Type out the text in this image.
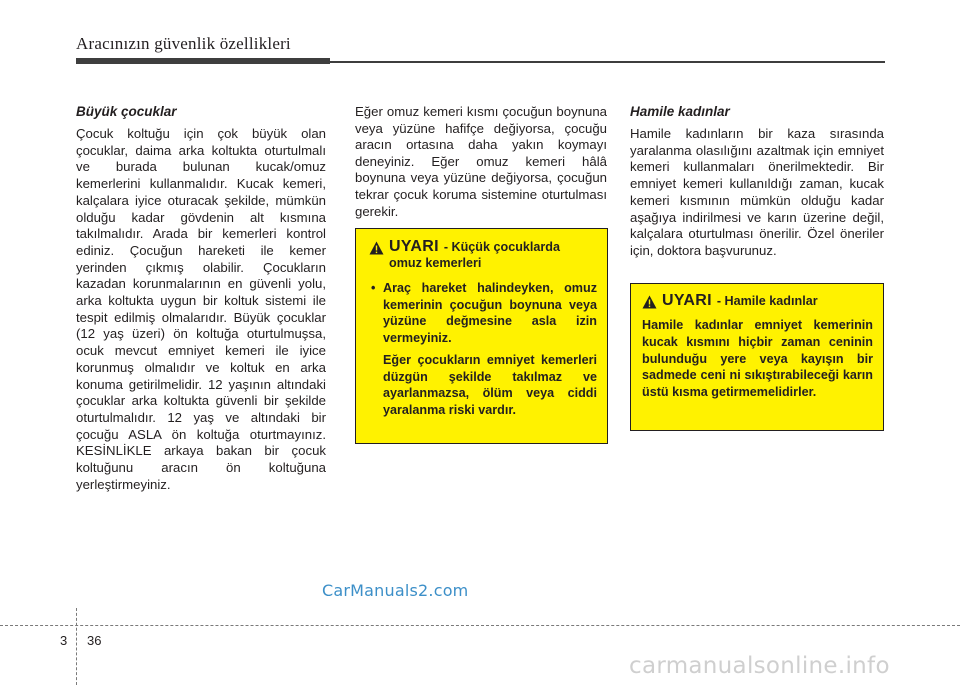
Aracınızın güvenlik özellikleri
Büyük çocuklar

Çocuk koltuğu için çok büyük olan çocuklar, daima arka koltukta oturtulmalı ve burada bulunan kucak/omuz kemerlerini kullanmalıdır. Kucak kemeri, kalçalara iyice oturacak şekilde, mümkün olduğu kadar gövdenin alt kısmına takılmalıdır. Arada bir kemerleri kontrol ediniz. Çocuğun hareketi ile kemer yerinden çıkmış olabilir. Çocukların kazadan korunmalarının en güvenli yolu, arka koltukta uygun bir koltuk sistemi ile tespit edilmiş olmalarıdır. Büyük çocuklar (12 yaş üzeri) ön koltuğa oturtulmuşsa, ocuk mevcut emniyet kemeri ile iyice korunmuş olmalıdır ve koltuk en arka konuma getirilmelidir. 12 yaşının altındaki çocuklar arka koltukta güvenli bir şekilde oturtulmalıdır. 12 yaş ve altındaki bir çocuğu ASLA ön koltuğa oturtmayınız. KESİNLİKLE arkaya bakan bir çocuk koltuğunu aracın ön koltuğuna yerleştirmeyiniz.

Eğer omuz kemeri kısmı çocuğun boynuna veya yüzüne hafifçe değiyorsa, çocuğu aracın ortasına daha yakın koymayı deneyiniz. Eğer omuz kemeri hâlâ boynuna veya yüzüne değiyorsa, çocuğun tekrar çocuk koruma sistemine oturtulması gerekir.

UYARI - Küçük çocuklarda
omuz kemerleri
• Araç hareket halindeyken, omuz kemerinin çocuğun boynuna veya yüzüne değmesine asla izin vermeyiniz.
Eğer çocukların emniyet kemerleri düzgün şekilde takılmaz ve ayarlanmazsa, ölüm veya ciddi yaralanma riski vardır.
Hamile kadınlar

Hamile kadınların bir kaza sırasında yaralanma olasılığını azaltmak için emniyet kemeri kullanmaları önerilmektedir. Bir emniyet kemeri kullanıldığı zaman, kucak kemeri kısmının mümkün olduğu kadar aşağıya indirilmesi ve karın üzerine değil, kalçalara oturtulması önerilir. Özel öneriler için, doktora başvurunuz.

UYARI - Hamile kadınlar
Hamile kadınlar emniyet kemerinin kucak kısmını hiçbir zaman ceninin bulunduğu yere veya kayışın bir sadmede ceni ni sıkıştırabileceği karın üstü kısma getirmemelidirler.
CarManuals2.com
3 36
carmanualsonline.info
